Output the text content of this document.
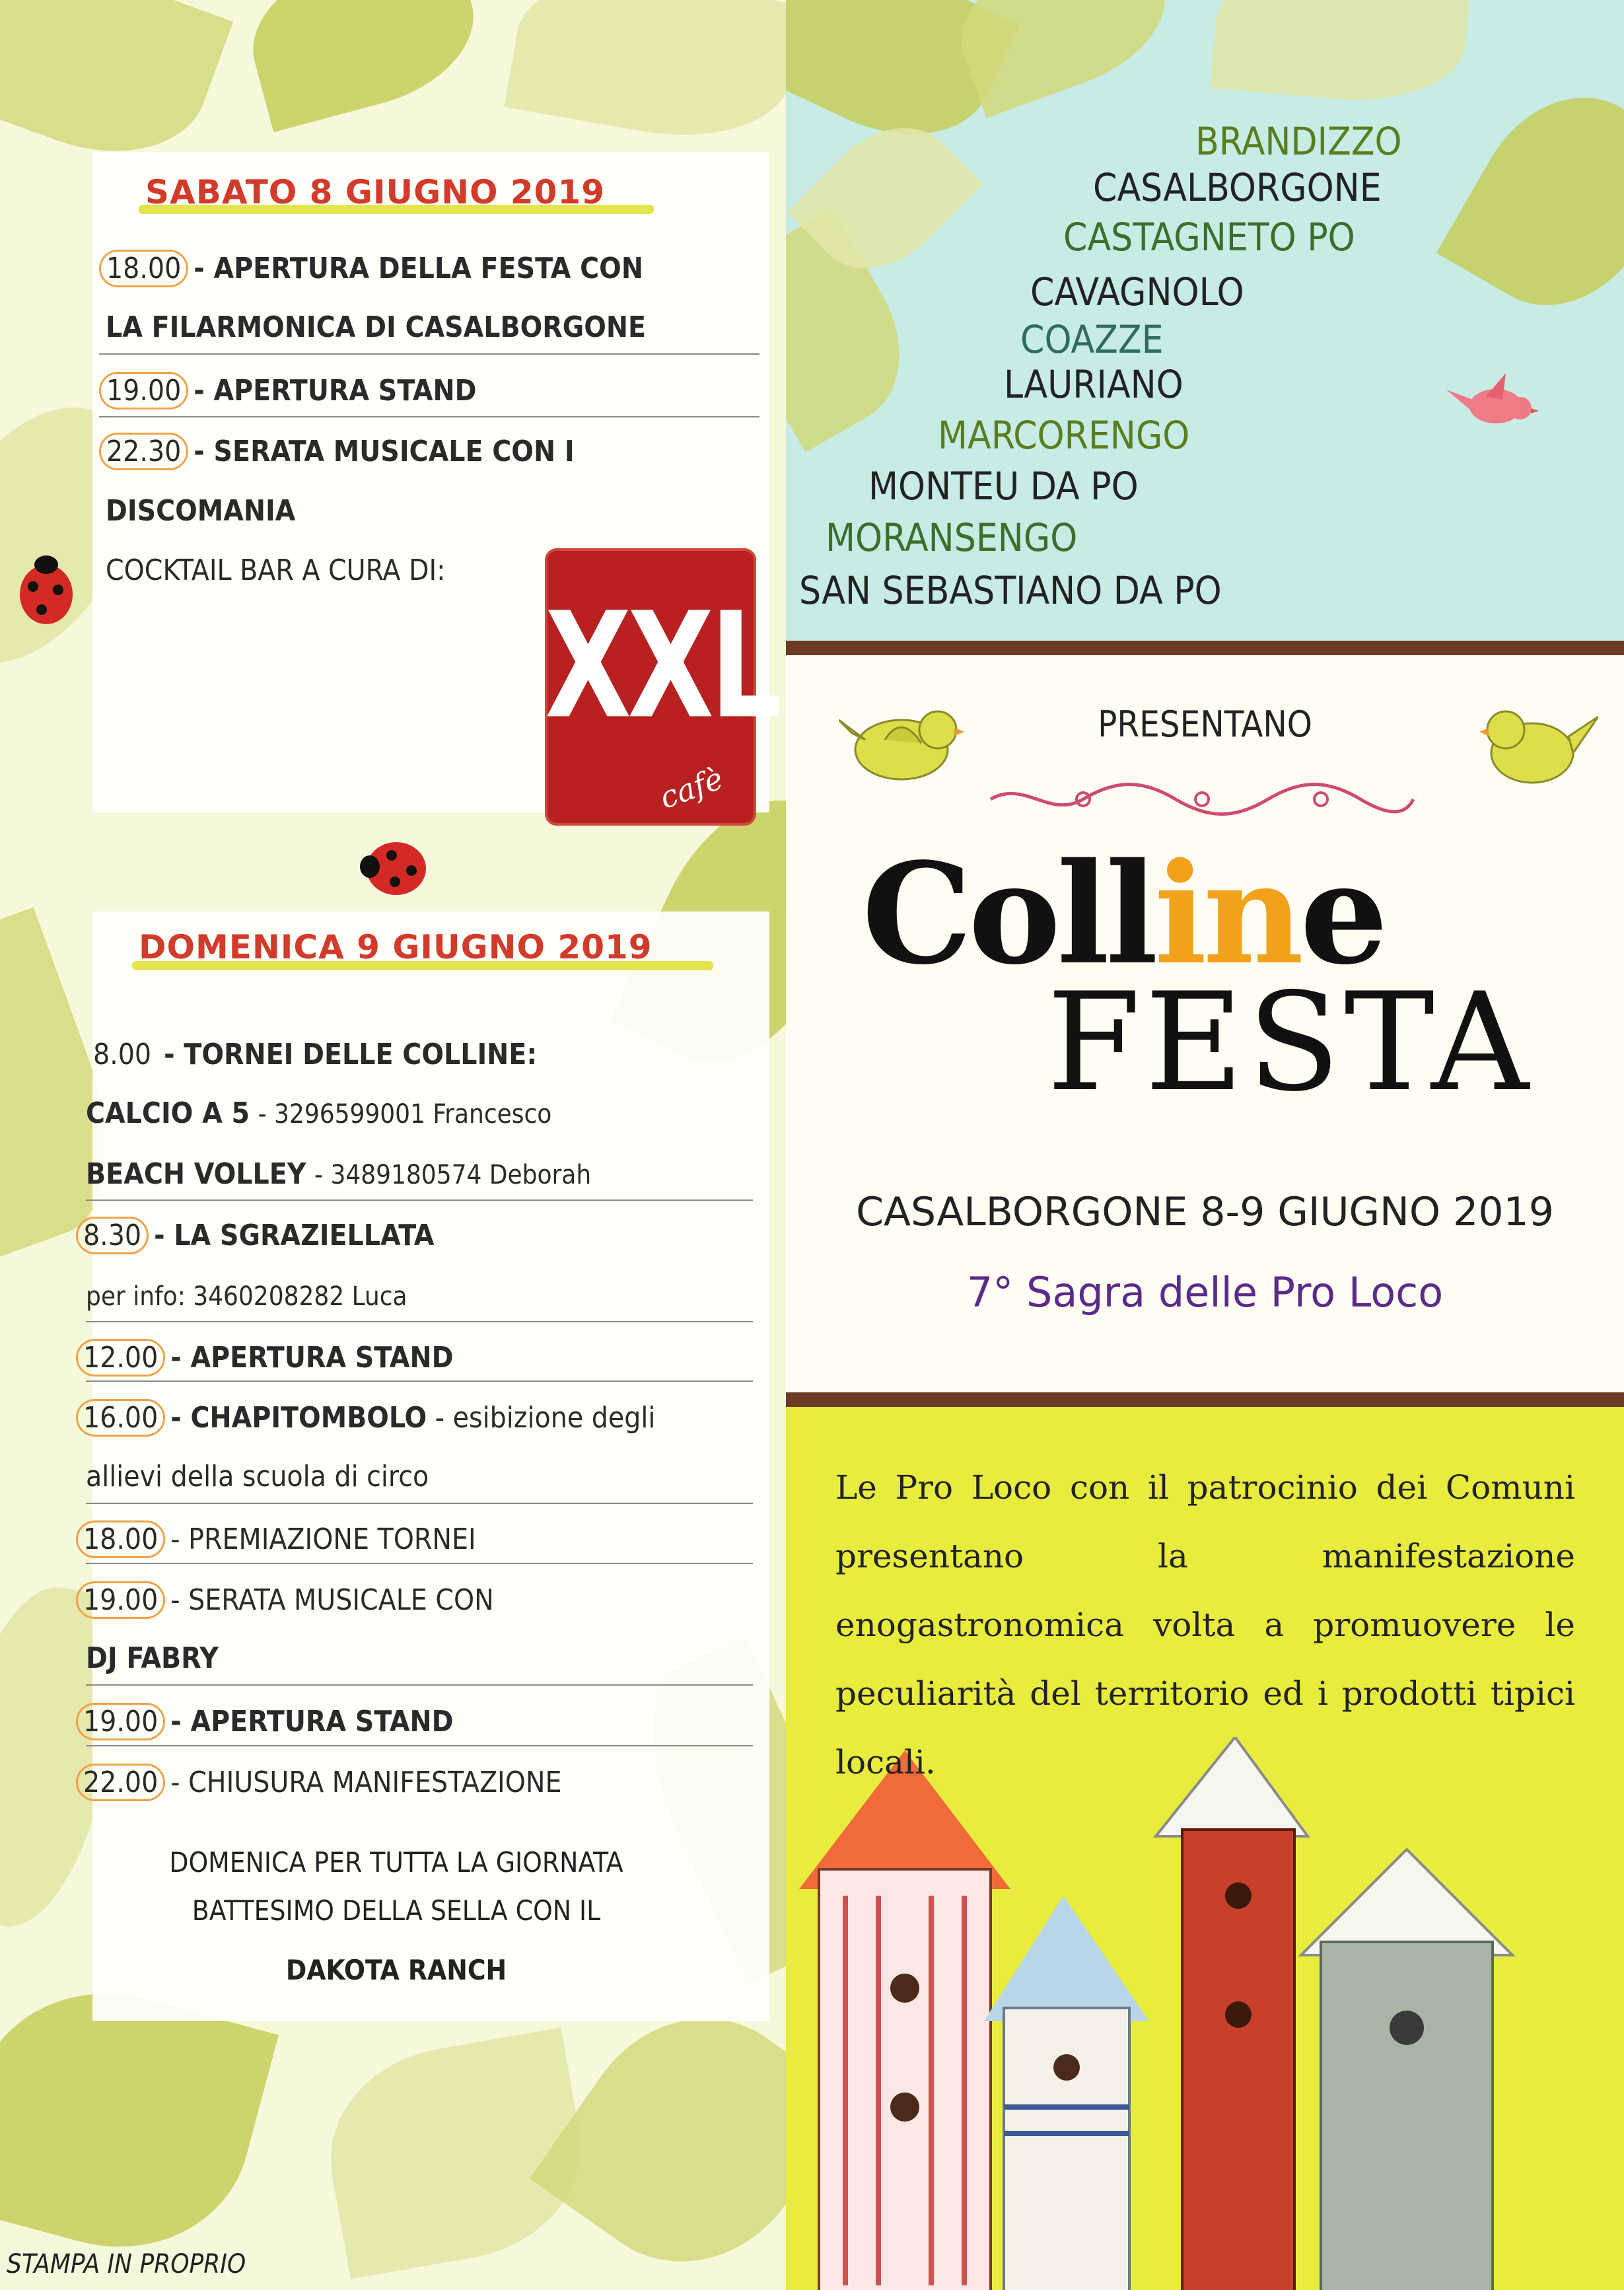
SABATO 8 GIUGNO 2019
18.00 - APERTURA DELLA FESTA CON
LA FILARMONICA DI CASALBORGONE
19.00 - APERTURA STAND
22.30 - SERATA MUSICALE CON I
DISCOMANIA
COCKTAIL BAR A CURA DI:
XXL
cafè
DOMENICA 9 GIUGNO 2019
8.00 - TORNEI DELLE COLLINE:
CALCIO A 5 - 3296599001 Francesco
BEACH VOLLEY - 3489180574 Deborah
8.30 - LA SGRAZIELLATA
per info: 3460208282 Luca
12.00 - APERTURA STAND
16.00 - CHAPITOMBOLO - esibizione degli
allievi della scuola di circo
18.00 - PREMIAZIONE TORNEI
19.00 - SERATA MUSICALE CON
DJ FABRY
19.00 - APERTURA STAND
22.00 - CHIUSURA MANIFESTAZIONE
DOMENICA PER TUTTA LA GIORNATA
BATTESIMO DELLA SELLA CON IL
DAKOTA RANCH
STAMPA IN PROPRIO
BRANDIZZO
CASALBORGONE
CASTAGNETO PO
CAVAGNOLO
COAZZE
LAURIANO
MARCORENGO
MONTEU DA PO
MORANSENGO
SAN SEBASTIANO DA PO
PRESENTANO
Colline
FESTA
CASALBORGONE 8-9 GIUGNO 2019
7° Sagra delle Pro Loco
Le Pro Loco con il patrocinio dei Comuni presentano la manifestazione enogastronomica volta a promuovere le peculiarità del territorio ed i prodotti tipici locali.
